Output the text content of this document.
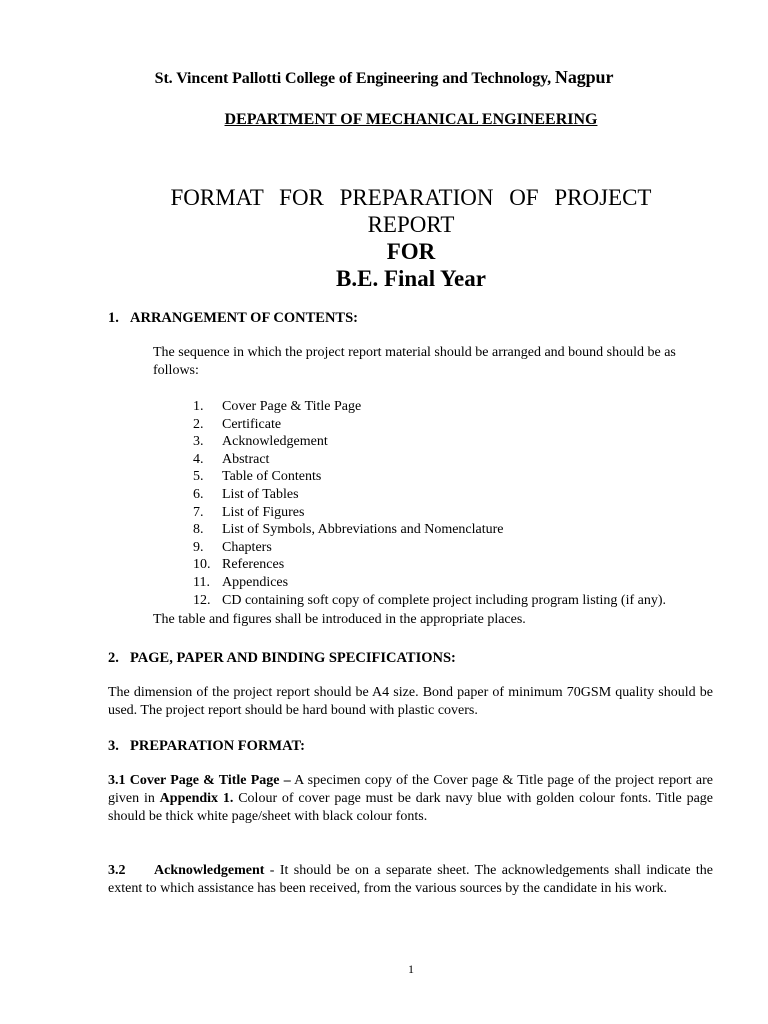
St. Vincent Pallotti College of Engineering and Technology, Nagpur
DEPARTMENT OF MECHANICAL ENGINEERING
FORMAT FOR PREPARATION OF PROJECT
REPORT
FOR
B.E. Final Year
1. ARRANGEMENT OF CONTENTS:
The sequence in which the project report material should be arranged and bound should be as follows:
1.	Cover Page & Title Page
2.	Certificate
3.	Acknowledgement
4.	Abstract
5.	Table of Contents
6.	List of Tables
7.	List of Figures
8.	List of Symbols, Abbreviations and Nomenclature
9.	Chapters
10. References
11. Appendices
12. CD containing soft copy of complete project including program listing (if any).
The table and figures shall be introduced in the appropriate places.
2. PAGE, PAPER AND BINDING SPECIFICATIONS:
The dimension of the project report should be A4 size. Bond paper of minimum 70GSM quality should be used. The project report should be hard bound with plastic covers.
3. PREPARATION FORMAT:
3.1 Cover Page & Title Page – A specimen copy of the Cover page & Title page of the project report are given in Appendix 1. Colour of cover page must be dark navy blue with golden colour fonts. Title page should be thick white page/sheet with black colour fonts.
3.2 Acknowledgement - It should be on a separate sheet. The acknowledgements shall indicate the extent to which assistance has been received, from the various sources by the candidate in his work.
1
